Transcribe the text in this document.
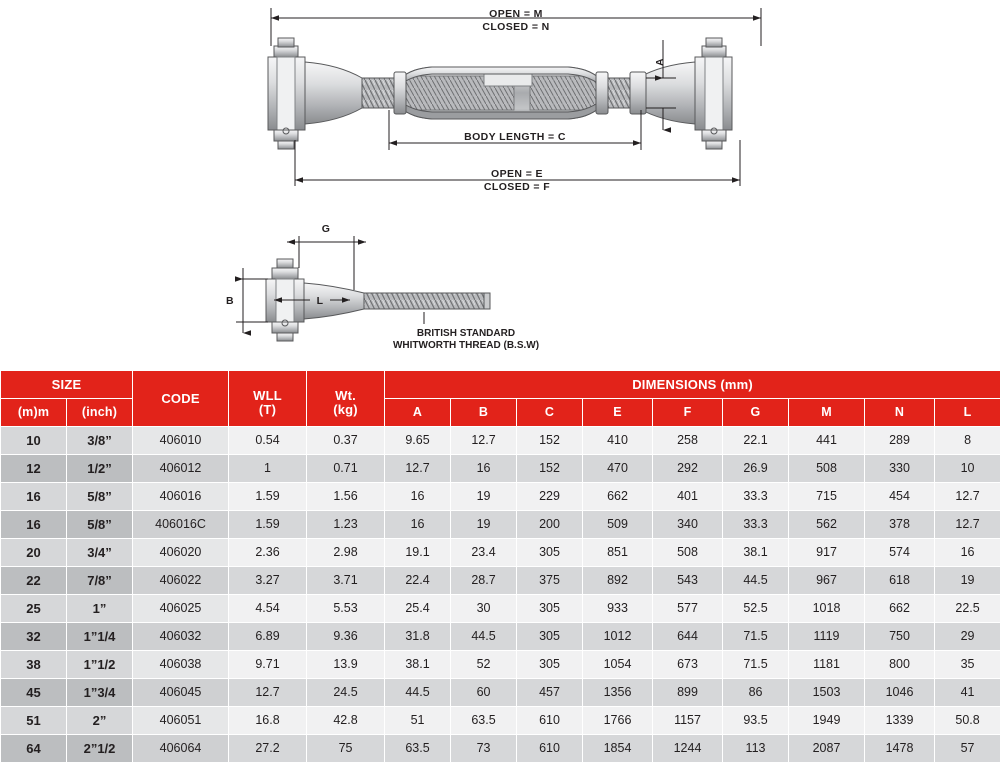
OPEN = M
CLOSED = N
A
BODY LENGTH = C
OPEN = E
CLOSED = F
G
B	L
BRITISH STANDARD
WHITWORTH THREAD (B.S.W)
SIZE	CODE	WLL
(T)

Wt.
(kg)
	DIMENSIONS (mm)
(m)m	(inch)				A	B	C	E	F	G	M	N	L
10	3/8”	406010	0.54	0.37	9.65	12.7	152	410	258	22.1	441	289	8
12	1/2”	406012	1	0.71	12.7	16	152	470	292	26.9	508	330	10
16	5/8”	406016	1.59	1.56	16	19	229	662	401	33.3	715	454	12.7
16	5/8”	406016C	1.59	1.23	16	19	200	509	340	33.3	562	378	12.7
20	3/4”	406020	2.36	2.98	19.1	23.4	305	851	508	38.1	917	574	16
22	7/8”	406022	3.27	3.71	22.4	28.7	375	892	543	44.5	967	618	19
25	1”	406025	4.54	5.53	25.4	30	305	933	577	52.5	1018	662	22.5
32	1”1/4	406032	6.89	9.36	31.8	44.5	305	1012	644	71.5	1119	750	29
38	1”1/2	406038	9.71	13.9	38.1	52	305	1054	673	71.5	1181	800	35
45	1”3/4	406045	12.7	24.5	44.5	60	457	1356	899	86	1503	1046	41
51	2”	406051	16.8	42.8	51	63.5	610	1766	1157	93.5	1949	1339	50.8
64	2”1/2	406064	27.2	75	63.5	73	610	1854	1244	113	2087	1478	57
